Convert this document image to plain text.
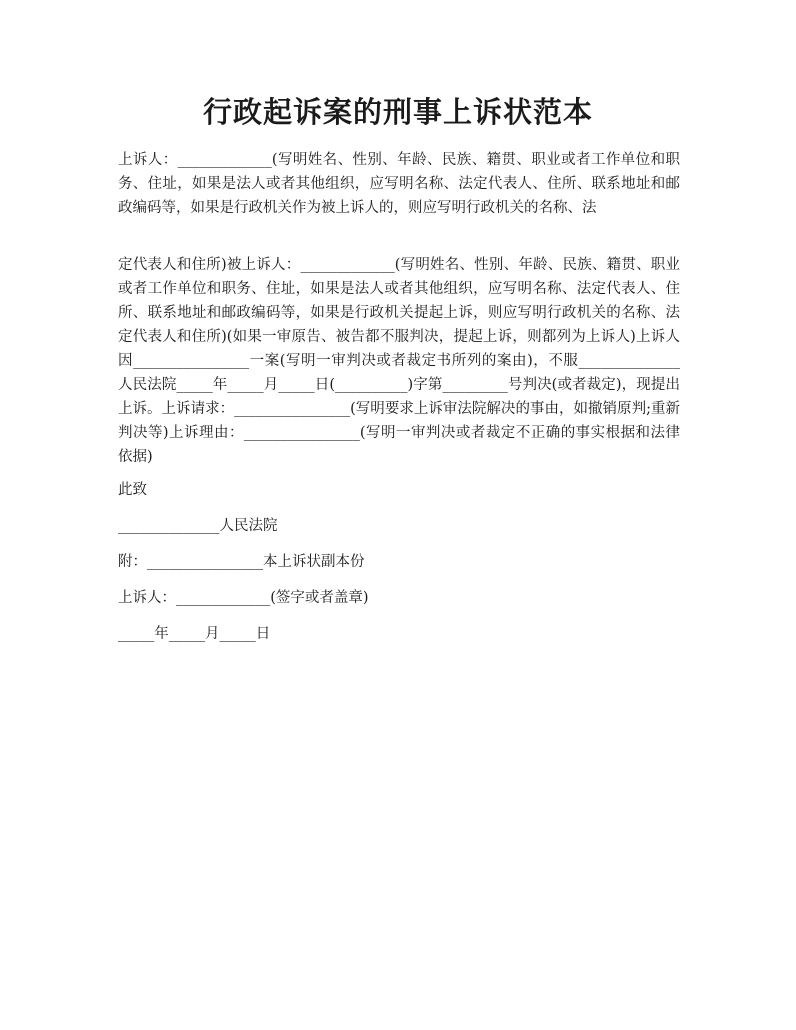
行政起诉案的刑事上诉状范本
上诉人：_____________(写明姓名、性别、年龄、民族、籍贯、职业或者工作单位和职务、住址，如果是法人或者其他组织，应写明名称、法定代表人、住所、联系地址和邮政编码等，如果是行政机关作为被上诉人的，则应写明行政机关的名称、法
定代表人和住所)被上诉人：_____________(写明姓名、性别、年龄、民族、籍贯、职业或者工作单位和职务、住址，如果是法人或者其他组织，应写明名称、法定代表人、住所、联系地址和邮政编码等，如果是行政机关提起上诉，则应写明行政机关的名称、法定代表人和住所)(如果一审原告、被告都不服判决，提起上诉，则都列为上诉人)上诉人因________________一案(写明一审判决或者裁定书所列的案由)，不服______________人民法院_____年_____月_____日(__________)字第_________号判决(或者裁定)，现提出上诉。上诉请求：________________(写明要求上诉审法院解决的事由，如撤销原判;重新判决等)上诉理由：________________(写明一审判决或者裁定不正确的事实根据和法律依据)
此致
______________人民法院
附：________________本上诉状副本份
上诉人：_____________(签字或者盖章)
_____年_____月_____日
